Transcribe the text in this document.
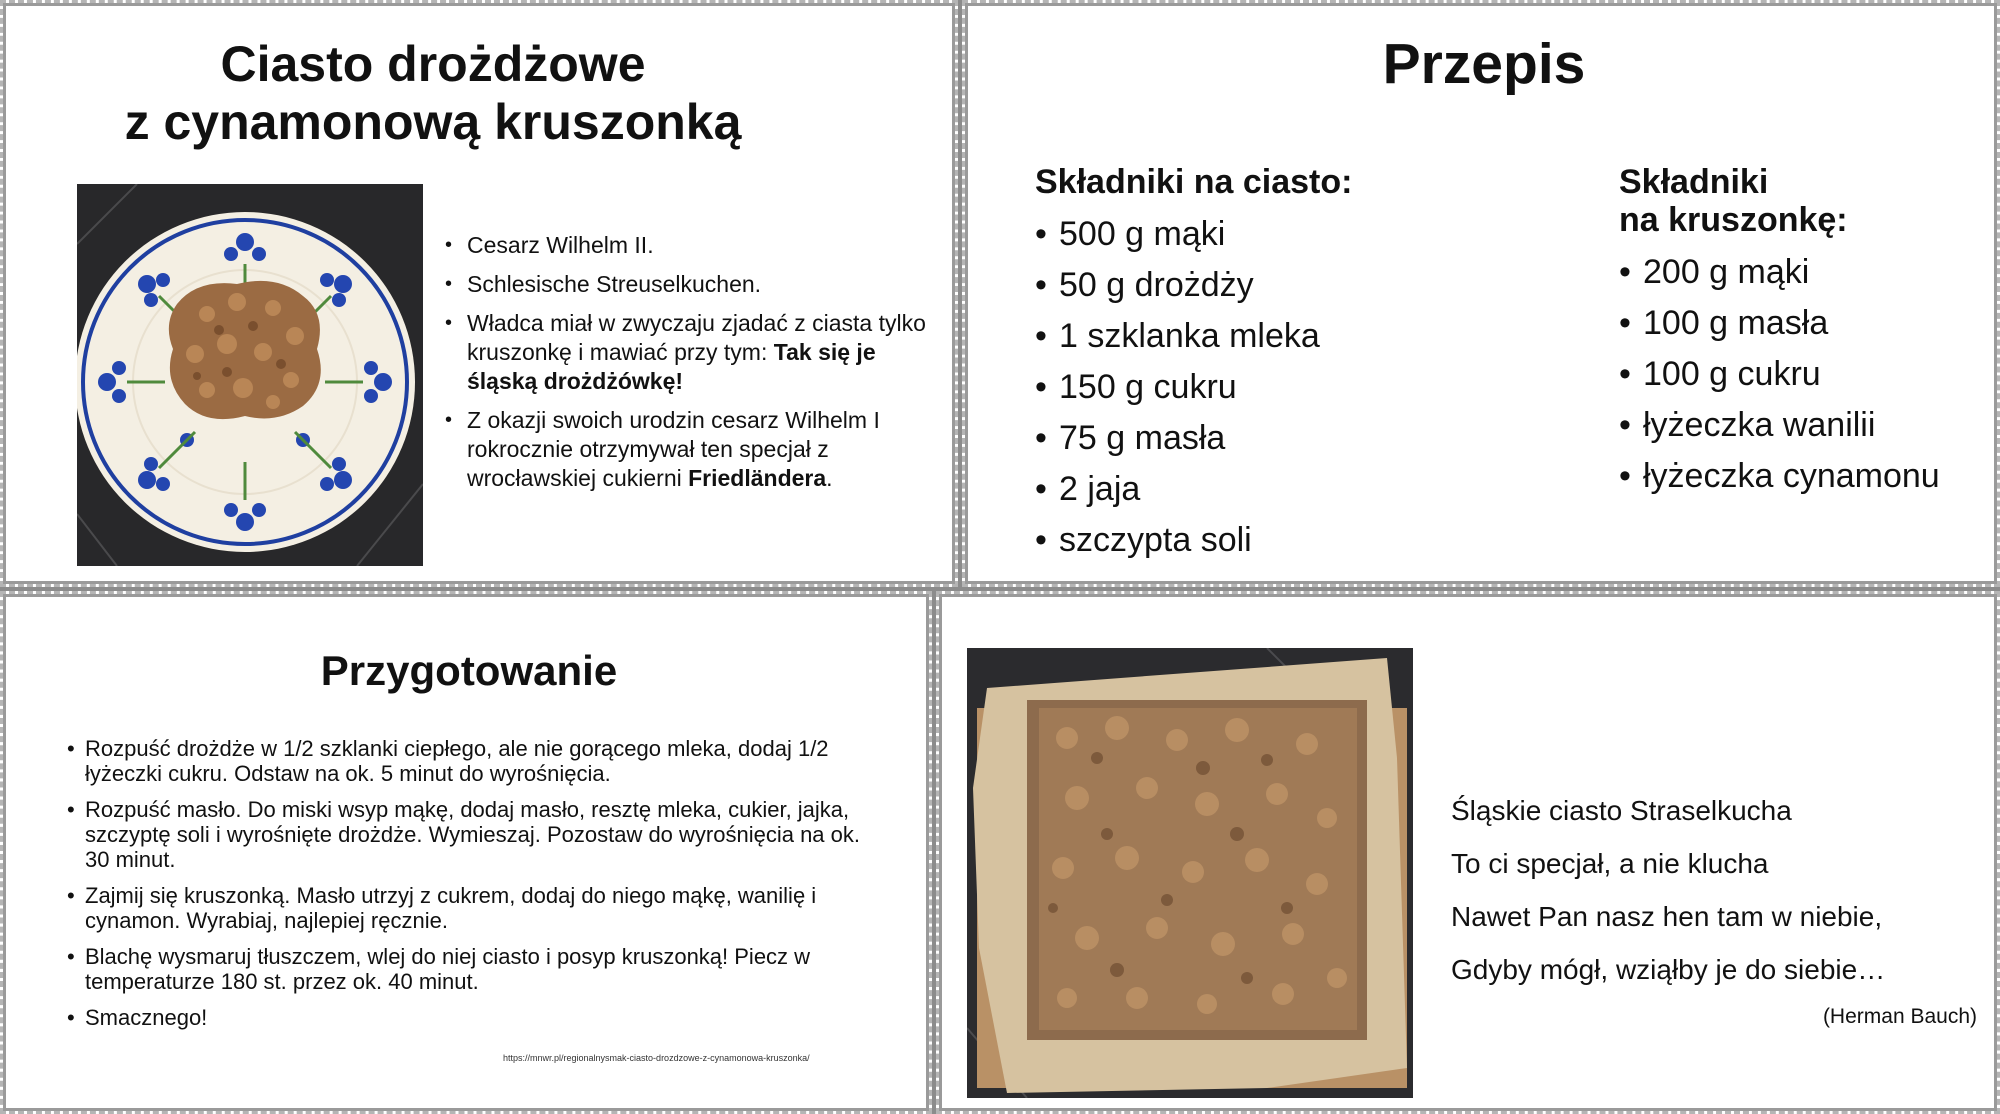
Ciasto drożdżowe
z cynamonową kruszonką
• Cesarz Wilhelm II.
• Schlesische Streuselkuchen.
• Władca miał w zwyczaju zjadać z ciasta tylko kruszonkę i mawiać przy tym: Tak się je śląską drożdżówkę!
• Z okazji swoich urodzin cesarz Wilhelm I rokrocznie otrzymywał ten specjał z wrocławskiej cukierni Friedländera.
Przepis
Składniki na ciasto:
• 500 g mąki
• 50 g drożdży
• 1 szklanka mleka
• 150 g cukru
• 75 g masła
• 2 jaja
• szczypta soli
Składniki
na kruszonkę:
• 200 g mąki
• 100 g masła
• 100 g cukru
• łyżeczka wanilii
• łyżeczka cynamonu
Przygotowanie
• Rozpuść drożdże w 1/2 szklanki ciepłego, ale nie gorącego mleka, dodaj 1/2 łyżeczki cukru. Odstaw na ok. 5 minut do wyrośnięcia.
• Rozpuść masło. Do miski wsyp mąkę, dodaj masło, resztę mleka, cukier, jajka, szczyptę soli i wyrośnięte drożdże. Wymieszaj. Pozostaw do wyrośnięcia na ok. 30 minut.
• Zajmij się kruszonką. Masło utrzyj z cukrem, dodaj do niego mąkę, wanilię i cynamon. Wyrabiaj, najlepiej ręcznie.
• Blachę wysmaruj tłuszczem, wlej do niej ciasto i posyp kruszonką! Piecz w temperaturze 180 st. przez ok. 40 minut.
• Smacznego!
https://mnwr.pl/regionalnysmak-ciasto-drozdzowe-z-cynamonowa-kruszonka/
Śląskie ciasto Straselkucha
To ci specjał, a nie klucha
Nawet Pan nasz hen tam w niebie,
Gdyby mógł, wziąłby je do siebie…
(Herman Bauch)
